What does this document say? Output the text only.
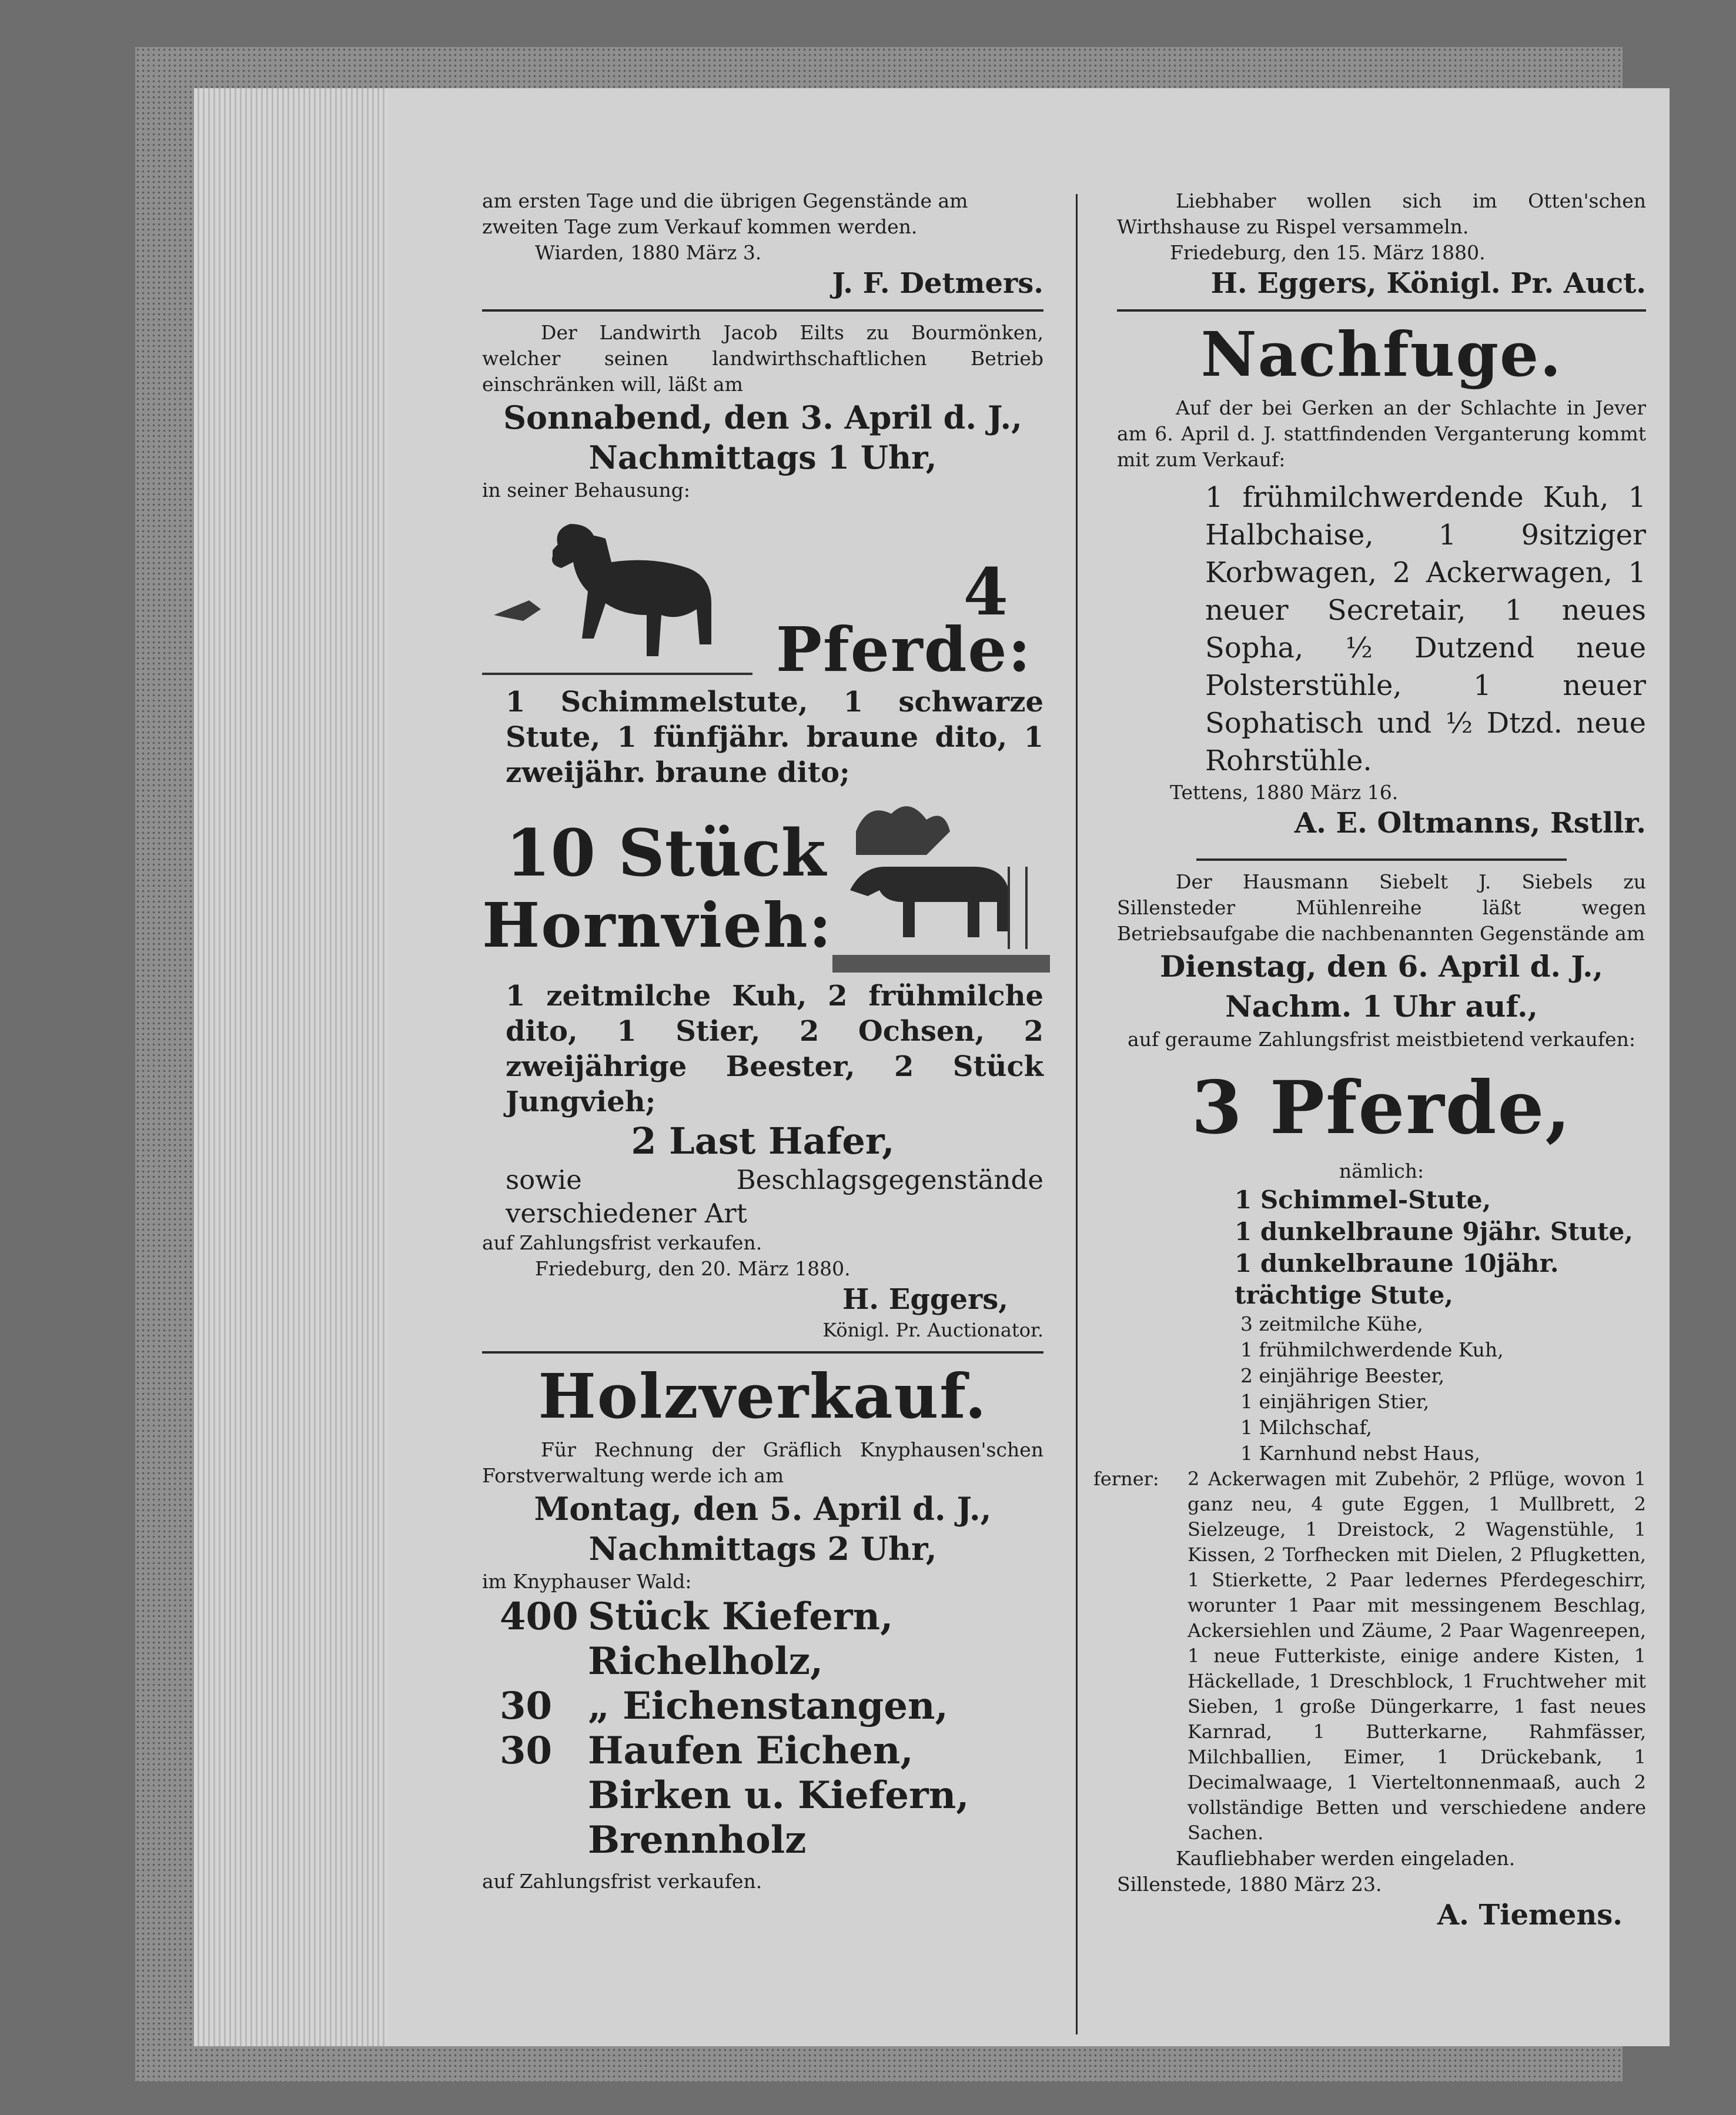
am ersten Tage und die übrigen Gegenstände am
zweiten Tage zum Verkauf kommen werden.
Wiarden, 1880 März 3.
J. F. Detmers.
Der Landwirth Jacob Eilts zu Bourmönken, welcher seinen landwirthschaftlichen Betrieb einschränken will, läßt am
Sonnabend, den 3. April d. J.,
Nachmittags 1 Uhr,
in seiner Behausung:
4
Pferde:
1 Schimmelstute, 1 schwarze Stute, 1 fünfjähr. braune dito, 1 zweijähr. braune dito;
10 Stück
Hornvieh:
1 zeitmilche Kuh, 2 frühmilche dito, 1 Stier, 2 Ochsen, 2 zweijährige Beester, 2 Stück Jungvieh;
2 Last Hafer,
sowie Beschlagsgegenstände verschiedener Art
auf Zahlungsfrist verkaufen.
Friedeburg, den 20. März 1880.
H. Eggers,
Königl. Pr. Auctionator.
Holzverkauf.
Für Rechnung der Gräflich Knyphausen'schen Forstverwaltung werde ich am
Montag, den 5. April d. J.,
Nachmittags 2 Uhr,
im Knyphauser Wald:
400 Stück Kiefern, Richelholz,
30 „ Eichenstangen,
30 Haufen Eichen, Birken u. Kiefern, Brennholz
auf Zahlungsfrist verkaufen.
Liebhaber wollen sich im Otten'schen Wirthshause zu Rispel versammeln.
Friedeburg, den 15. März 1880.
H. Eggers, Königl. Pr. Auct.
Nachfuge.
Auf der bei Gerken an der Schlachte in Jever am 6. April d. J. stattfindenden Verganterung kommt mit zum Verkauf:
1 frühmilchwerdende Kuh, 1 Halbchaise, 1 9sitziger Korbwagen, 2 Ackerwagen, 1 neuer Secretair, 1 neues Sopha, ½ Dutzend neue Polsterstühle, 1 neuer Sophatisch und ½ Dtzd. neue Rohrstühle.
Tettens, 1880 März 16.
A. E. Oltmanns, Rstllr.
Der Hausmann Siebelt J. Siebels zu Sillensteder Mühlenreihe läßt wegen Betriebsaufgabe die nachbenannten Gegenstände am
Dienstag, den 6. April d. J.,
Nachm. 1 Uhr auf.,
auf geraume Zahlungsfrist meistbietend verkaufen:
3 Pferde,
nämlich:
1 Schimmel-Stute,
1 dunkelbraune 9jähr. Stute,
1 dunkelbraune 10jähr. trächtige Stute,
3 zeitmilche Kühe,
1 frühmilchwerdende Kuh,
2 einjährige Beester,
1 einjährigen Stier,
1 Milchschaf,
1 Karnhund nebst Haus,
ferner:	2 Ackerwagen mit Zubehör, 2 Pflüge, wovon 1 ganz neu, 4 gute Eggen, 1 Mullbrett, 2 Sielzeuge, 1 Dreistock, 2 Wagenstühle, 1 Kissen, 2 Torfhecken mit Dielen, 2 Pflugketten, 1 Stierkette, 2 Paar ledernes Pferdegeschirr, worunter 1 Paar mit messingenem Beschlag, Ackersiehlen und Zäume, 2 Paar Wagenreepen, 1 neue Futterkiste, einige andere Kisten, 1 Häckellade, 1 Dreschblock, 1 Fruchtweher mit Sieben, 1 große Düngerkarre, 1 fast neues Karnrad, 1 Butterkarne, Rahmfässer, Milchballien, Eimer, 1 Drückebank, 1 Decimalwaage, 1 Vierteltonnenmaaß, auch 2 vollständige Betten und verschiedene andere Sachen.
Kaufliebhaber werden eingeladen.
Sillenstede, 1880 März 23.
A. Tiemens.
